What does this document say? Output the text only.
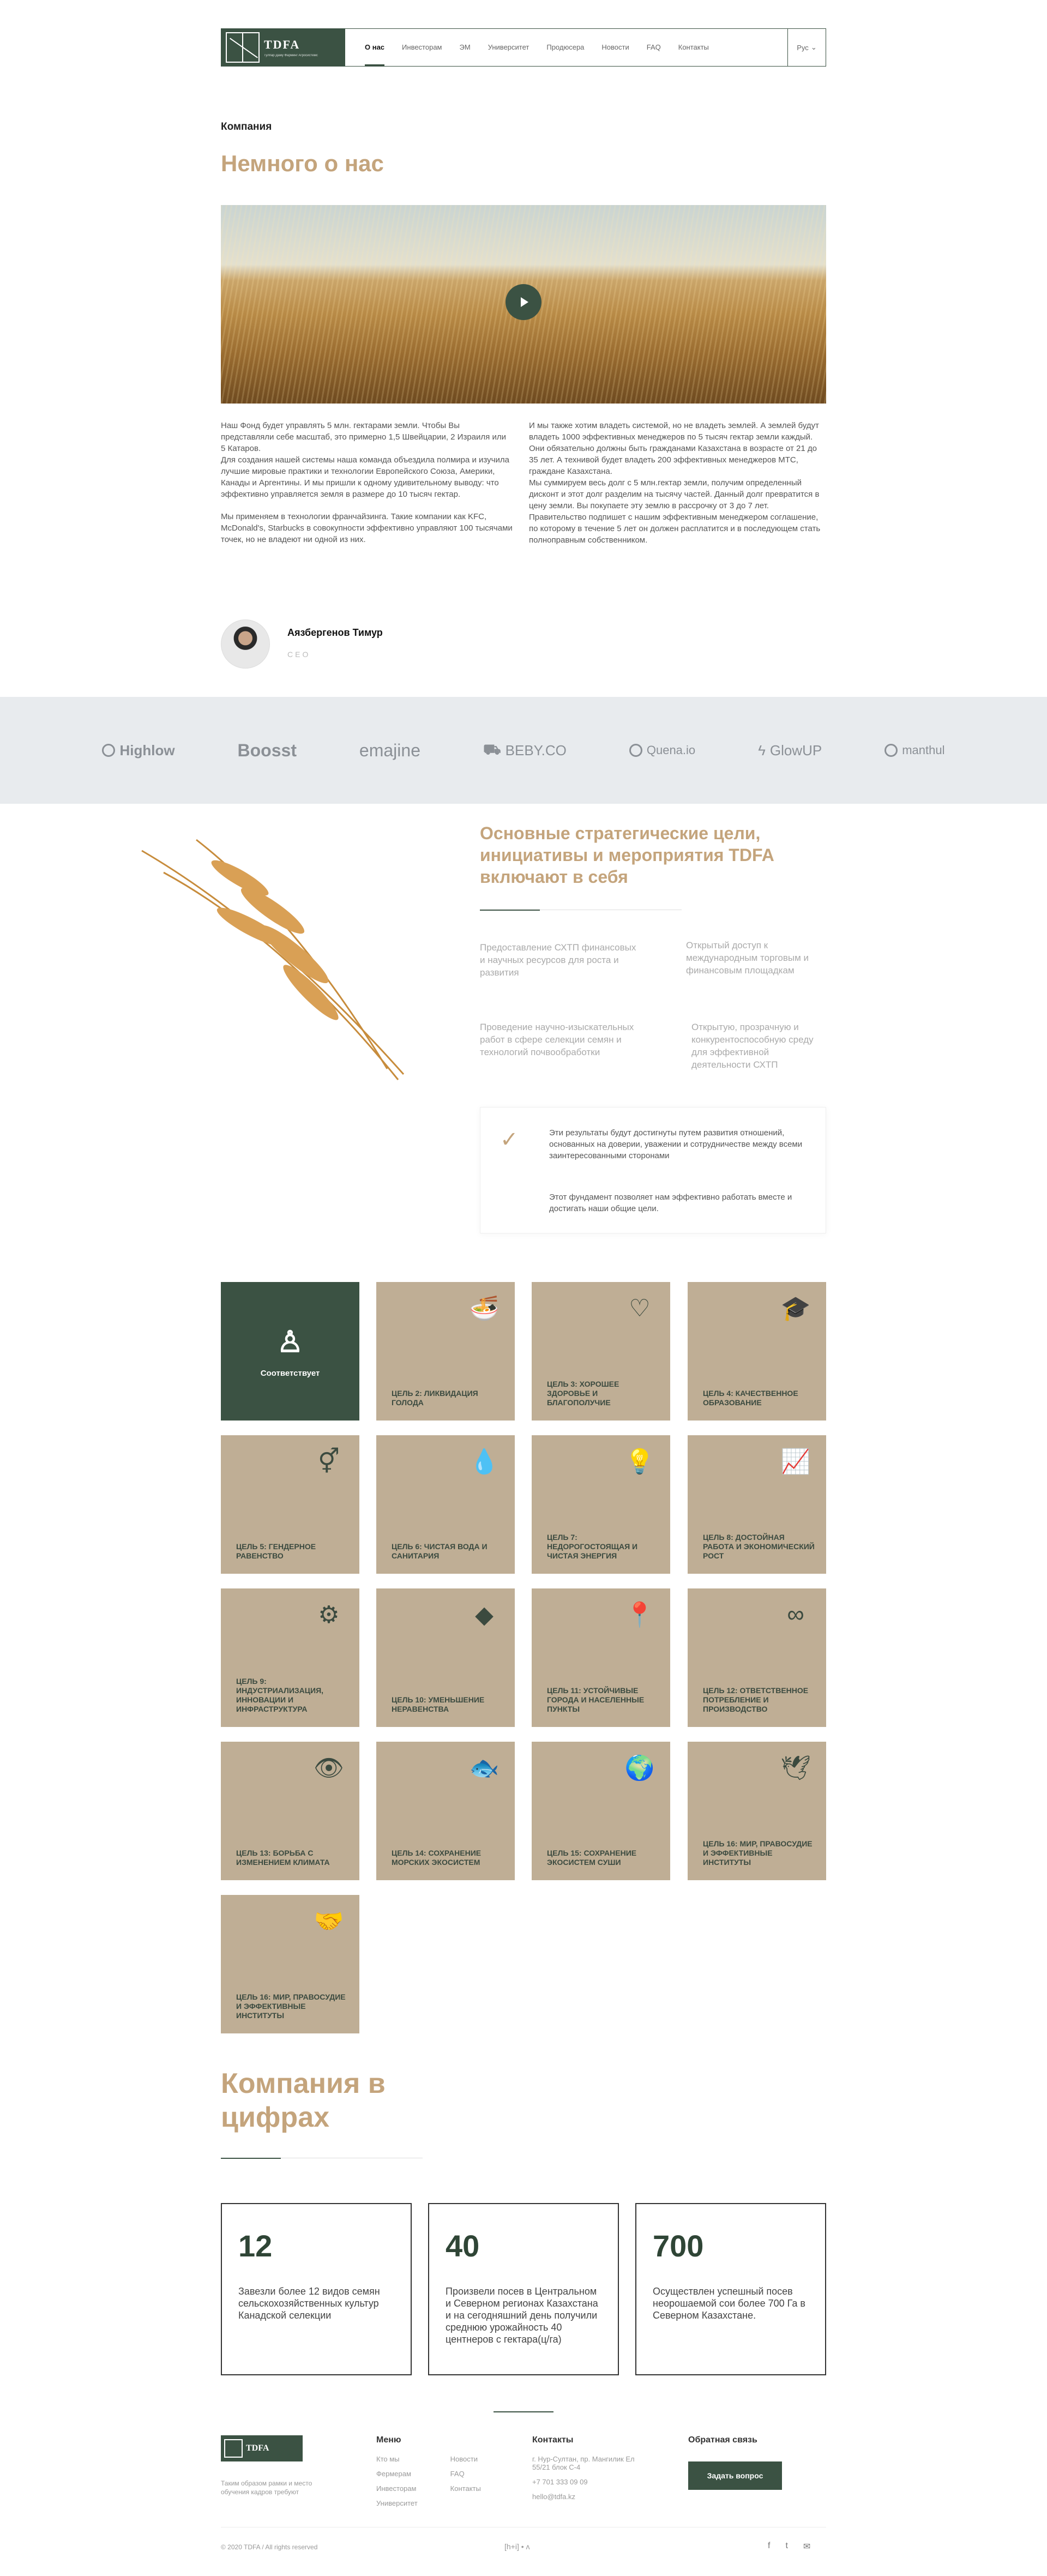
TDFA
Тулпар Даму Фарминг Агросистемс
О нас	Инвесторам	ЭМ	Университет	Продюсера	Новости	FAQ	Контакты	Рус ⌄
Компания
Немного о нас

Наш Фонд будет управлять 5 млн. гектарами земли. Чтобы Вы представляли себе масштаб, это примерно 1,5 Швейцарии, 2 Израиля или 5 Катаров.

Для создания нашей системы наша команда объездила полмира и изучила лучшие мировые практики и технологии Европейского Союза, Америки, Канады и Аргентины. И мы пришли к одному удивительному выводу: что эффективно управляется земля в размере до 10 тысяч гектар.

Мы применяем в технологии франчайзинга. Такие компании как KFC, McDonald's, Starbucks в совокупности эффективно управляют 100 тысячами точек, но не владеют ни одной из них.

И мы также хотим владеть системой, но не владеть землей. А землей будут владеть 1000 эффективных менеджеров по 5 тысяч гектар земли каждый. Они обязательно должны быть гражданами Казахстана в возрасте от 21 до 35 лет. А технивой будет владеть 200 эффективных менеджеров МТС, граждане Казахстана.

Мы суммируем весь долг с 5 млн.гектар земли, получим определенный дисконт и этот долг разделим на тысячу частей. Данный долг превратится в цену земли. Вы покупаете эту землю в рассрочку от 3 до 7 лет. Правительство подпишет с нашим эффективным менеджером соглашение, по которому в течение 5 лет он должен расплатится и в последующем стать полноправным собственником.

Аязбергенов Тимур
CEO
Highlow	Boosst	emajine	⛟ BEBY.CO	Quena.io	ϟ GlowUP	manthul
Основные стратегические цели, инициативы и мероприятия TDFA включают в себя
Предоставление СХТП финансовых и научных ресурсов для роста и развития
Открытый доступ к международным торговым и финансовым площадкам
Проведение научно-изыскательных работ в сфере селекции семян и технологий почвообработки
Открытую, прозрачную и конкурентоспособную среду для эффективной деятельности СХТП
✓	Эти результаты будут достигнуты путем развития отношений, основанных на доверии, уважении и сотрудничестве между всеми заинтересованными сторонами

Этот фундамент позволяет нам эффективно работать вместе и достигать наши общие цели.

♙
Соответствует
🍜
ЦЕЛЬ 2: ЛИКВИДАЦИЯ ГОЛОДА
♡
ЦЕЛЬ 3: ХОРОШЕЕ ЗДОРОВЬЕ И БЛАГОПОЛУЧИЕ
🎓
ЦЕЛЬ 4: КАЧЕСТВЕННОЕ ОБРАЗОВАНИЕ
⚥
ЦЕЛЬ 5: ГЕНДЕРНОЕ РАВЕНСТВО
💧
ЦЕЛЬ 6: ЧИСТАЯ ВОДА И САНИТАРИЯ
💡
ЦЕЛЬ 7: НЕДОРОГОСТОЯЩАЯ И ЧИСТАЯ ЭНЕРГИЯ
📈
ЦЕЛЬ 8: ДОСТОЙНАЯ РАБОТА И ЭКОНОМИЧЕСКИЙ РОСТ
⚙
ЦЕЛЬ 9: ИНДУСТРИАЛИЗАЦИЯ, ИННОВАЦИИ И ИНФРАСТРУКТУРА
◆
ЦЕЛЬ 10: УМЕНЬШЕНИЕ НЕРАВЕНСТВА
📍
ЦЕЛЬ 11: УСТОЙЧИВЫЕ ГОРОДА И НАСЕЛЕННЫЕ ПУНКТЫ
∞
ЦЕЛЬ 12: ОТВЕТСТВЕННОЕ ПОТРЕБЛЕНИЕ И ПРОИЗВОДСТВО
👁
ЦЕЛЬ 13: БОРЬБА С ИЗМЕНЕНИЕМ КЛИМАТА
🐟
ЦЕЛЬ 14: СОХРАНЕНИЕ МОРСКИХ ЭКОСИСТЕМ
🌍
ЦЕЛЬ 15: СОХРАНЕНИЕ ЭКОСИСТЕМ СУШИ
🕊
ЦЕЛЬ 16: МИР, ПРАВОСУДИЕ И ЭФФЕКТИВНЫЕ ИНСТИТУТЫ
🤝
ЦЕЛЬ 16: МИР, ПРАВОСУДИЕ И ЭФФЕКТИВНЫЕ ИНСТИТУТЫ
Компания в цифрах
12
Завезли более 12 видов семян сельскохозяйственных культур Канадской селекции
40
Произвели посев в Центральном и Северном регионах Казахстана и на сегодняшний день получили среднюю урожайность 40 центнеров с гектара(ц/га)
700
Осуществлен успешный посев неорошаемой сои более 700 Га в Северном Казахстане.
TDFA
Таким образом рамки и место обучения кадров требуют
Меню
Кто мы
Фермерам
Инвесторам
Университет
Новости
FAQ
Контакты
Контакты
г. Нур-Султан, пр. Мангилик Ел 55/21 блок С-4
+7 701 333 09 09
hello@tdfa.kz
Обратная связь
Задать вопрос
© 2020 TDFA / All rights reserved	[h+i] • ʌ	f t ✉
